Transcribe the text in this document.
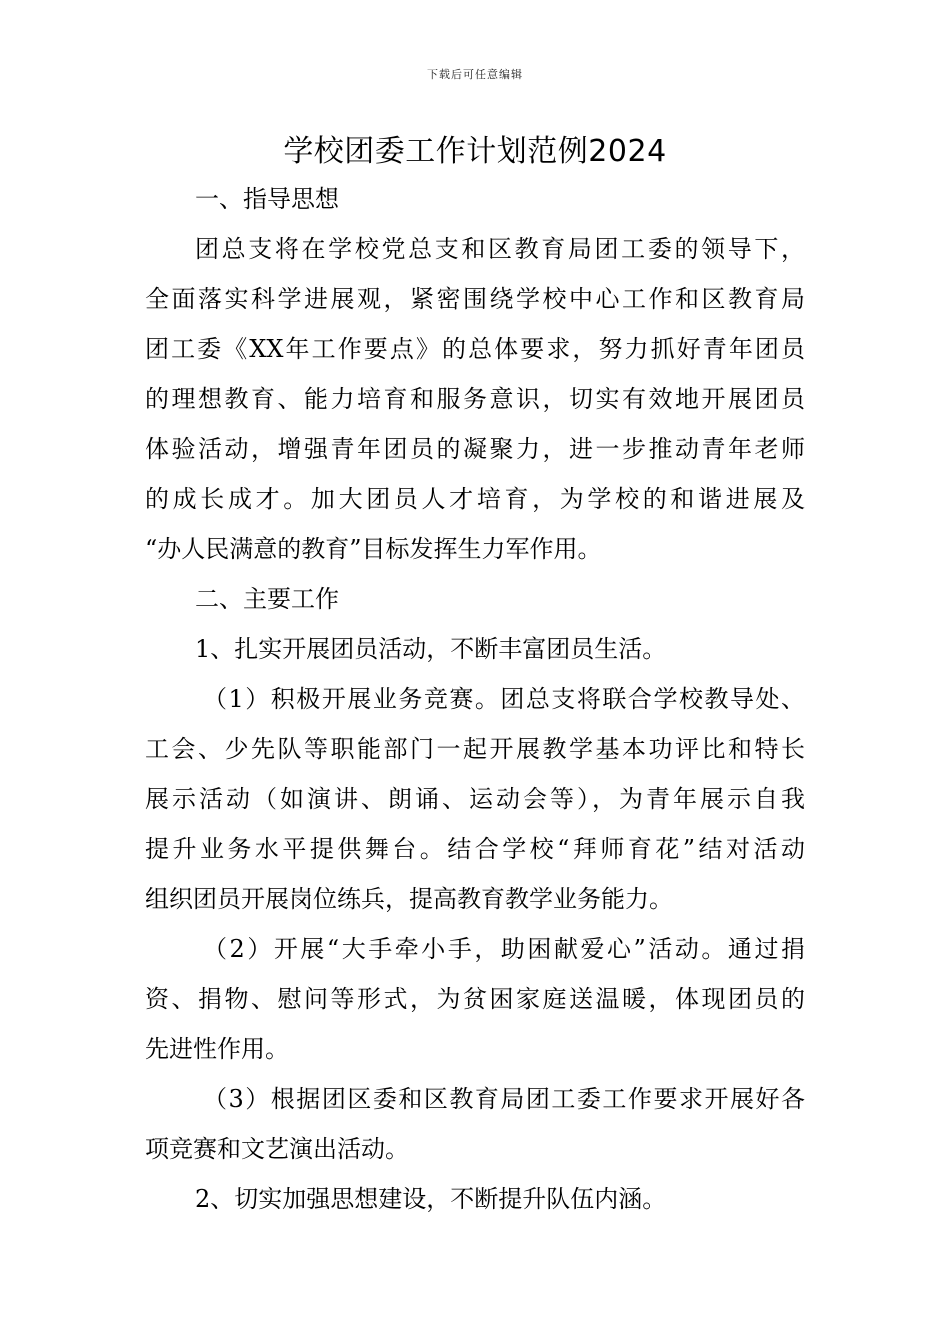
下载后可任意编辑
学校团委工作计划范例2024
一、指导思想
团总支将在学校党总支和区教育局团工委的领导下，
全面落实科学进展观，紧密围绕学校中心工作和区教育局
团工委《XX年工作要点》的总体要求，努力抓好青年团员
的理想教育、能力培育和服务意识，切实有效地开展团员
体验活动，增强青年团员的凝聚力，进一步推动青年老师
的成长成才。加大团员人才培育，为学校的和谐进展及
“办人民满意的教育”目标发挥生力军作用。
二、主要工作
1、扎实开展团员活动，不断丰富团员生活。
（1）积极开展业务竞赛。团总支将联合学校教导处、
工会、少先队等职能部门一起开展教学基本功评比和特长
展示活动（如演讲、朗诵、运动会等），为青年展示自我
提升业务水平提供舞台。结合学校“拜师育花”结对活动
组织团员开展岗位练兵，提高教育教学业务能力。
（2）开展“大手牵小手，助困献爱心”活动。通过捐
资、捐物、慰问等形式，为贫困家庭送温暖，体现团员的
先进性作用。
（3）根据团区委和区教育局团工委工作要求开展好各
项竞赛和文艺演出活动。
2、切实加强思想建设，不断提升队伍内涵。
